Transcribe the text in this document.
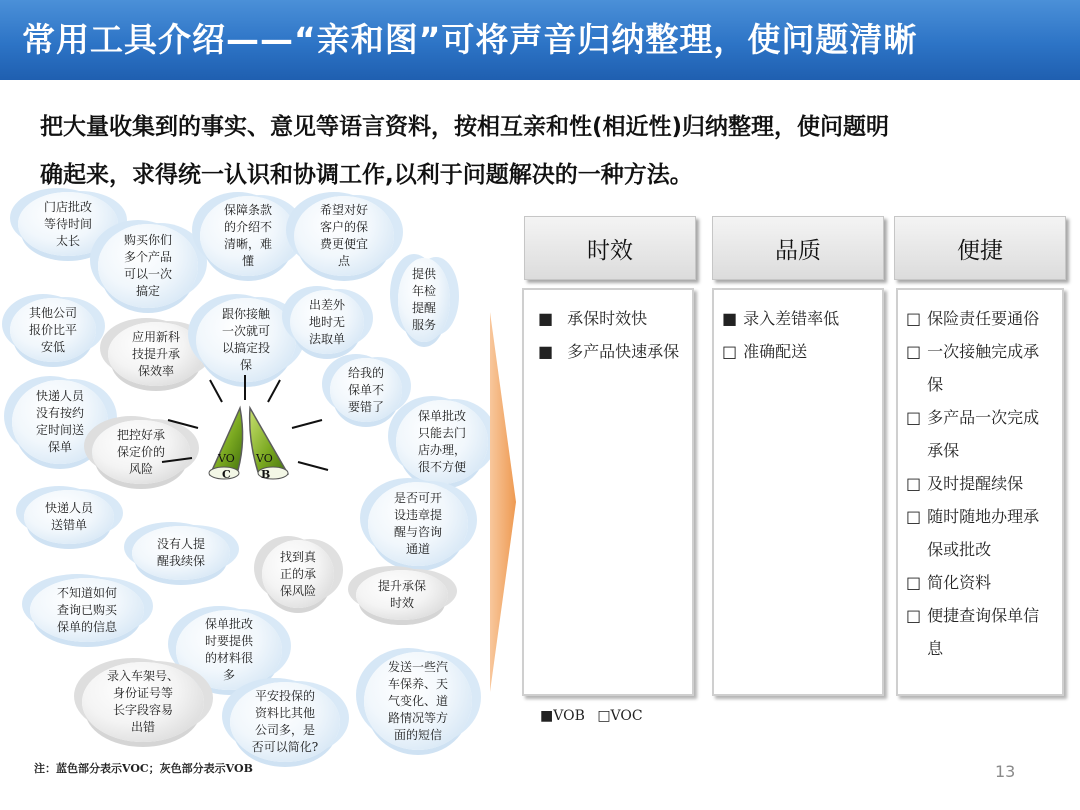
常用工具介绍——“亲和图”可将声音归纳整理，使问题清晰
把大量收集到的事实、意见等语言资料，按相互亲和性(相近性)归纳整理，使问题明
确起来，求得统一认识和协调工作,以利于问题解决的一种方法。
门店批改
等待时间
太长	购买你们
多个产品
可以一次
搞定
保障条款
的介绍不
清晰，难
懂
希望对好
客户的保
费更便宜
点
提供
年检
提醒
服务
其他公司
报价比平
安低
应用新科
技提升承
保效率
跟你接触
一次就可
以搞定投
保
出差外
地时无
法取单
给我的
保单不
要错了
快递人员
没有按约
定时间送
保单
把控好承
保定价的
风险
保单批改
只能去门
店办理，
很不方便
快递人员
送错单
是否可开
设违章提
醒与咨询
通道
没有人提
醒我续保	找到真
正的承
保风险	提升承保
时效
不知道如何
查询已购买
保单的信息	保单批改
时要提供
的材料很
多
录入车架号、
身份证号等
长字段容易
出错
平安投保的
资料比其他
公司多，是
否可以简化?
发送一些汽
车保养、天
气变化、道
路情况等方
面的短信
VO
C
VO
B
时效	品质	便捷
■ 承保时效快
■ 多产品快速承保
■ 录入差错率低
□ 准确配送
□ 保险责任要通俗
□ 一次接触完成承保
□ 多产品一次完成承保
□ 及时提醒续保
□ 随时随地办理承保或批改
□ 简化资料
□ 便捷查询保单信息
■VOB □VOC
注：蓝色部分表示VOC；灰色部分表示VOB	13
